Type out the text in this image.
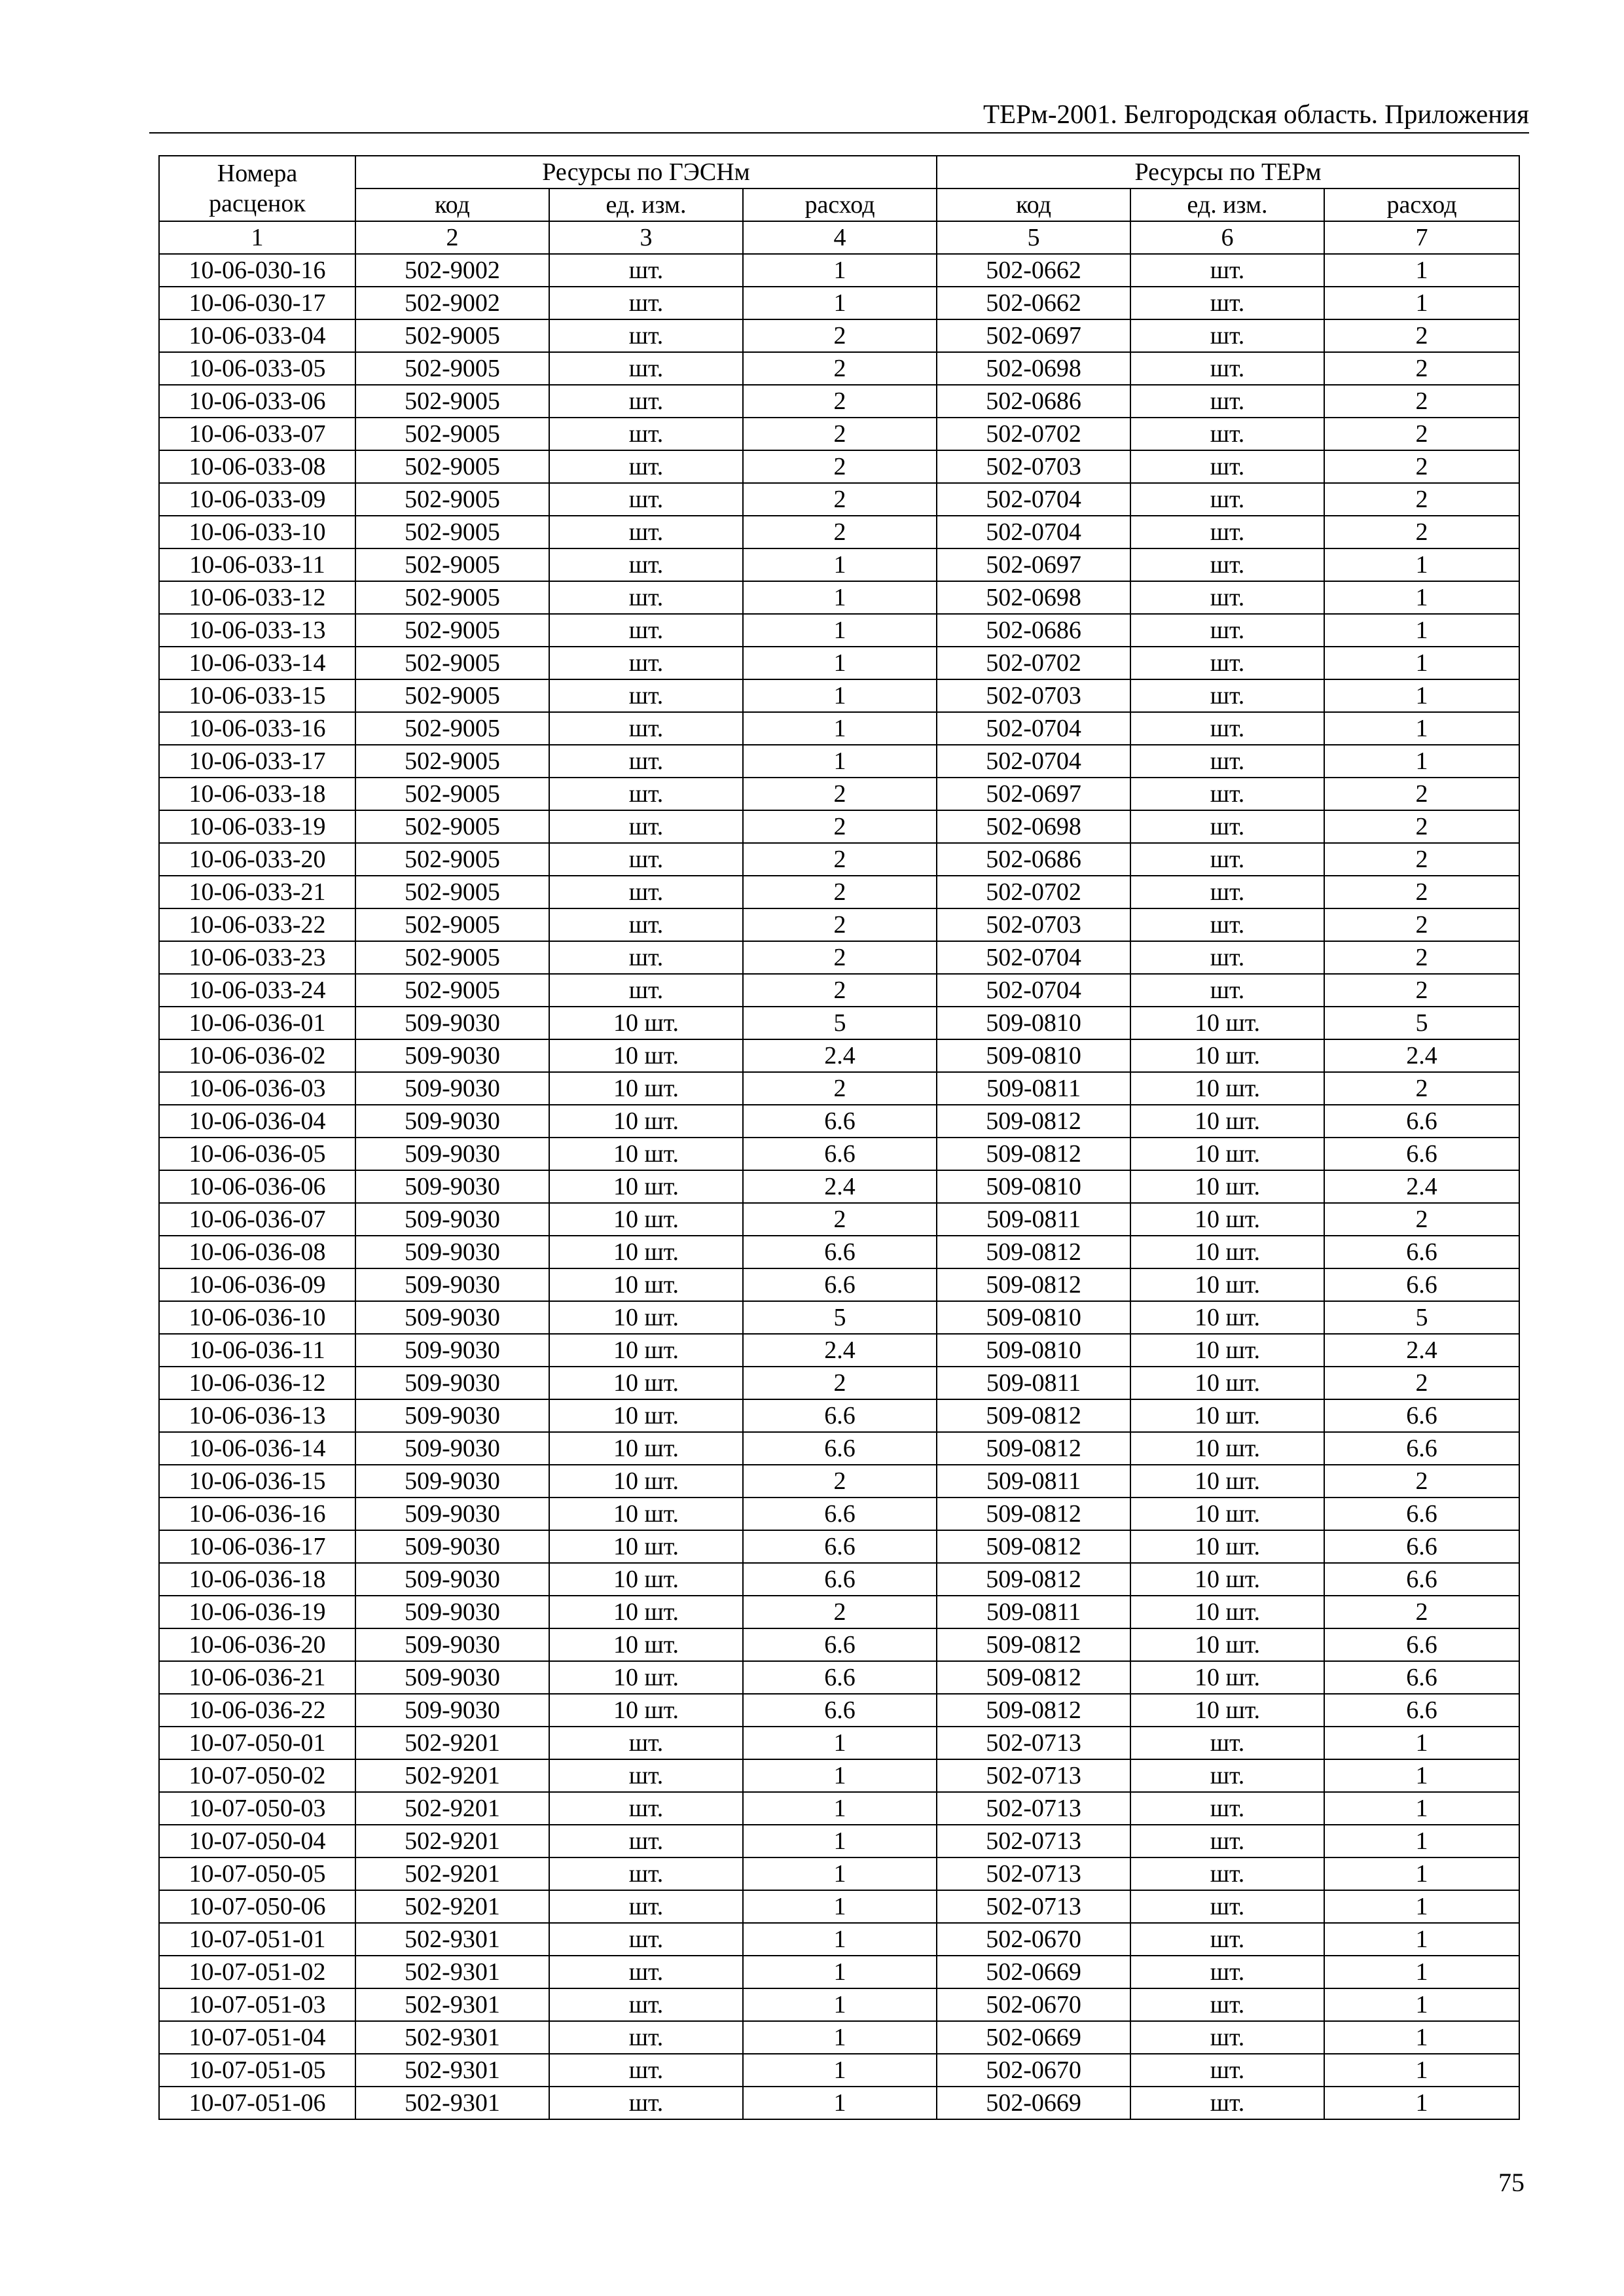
ТЕРм-2001. Белгородская область. Приложения
Номера расценок	Ресурсы по ГЭСНм			Ресурсы по ТЕРм		
	код	ед. изм.	расход	код	ед. изм.	расход
1	2	3	4	5	6	7
10-06-030-16	502-9002	шт.	1	502-0662	шт.	1
10-06-030-17	502-9002	шт.	1	502-0662	шт.	1
10-06-033-04	502-9005	шт.	2	502-0697	шт.	2
10-06-033-05	502-9005	шт.	2	502-0698	шт.	2
10-06-033-06	502-9005	шт.	2	502-0686	шт.	2
10-06-033-07	502-9005	шт.	2	502-0702	шт.	2
10-06-033-08	502-9005	шт.	2	502-0703	шт.	2
10-06-033-09	502-9005	шт.	2	502-0704	шт.	2
10-06-033-10	502-9005	шт.	2	502-0704	шт.	2
10-06-033-11	502-9005	шт.	1	502-0697	шт.	1
10-06-033-12	502-9005	шт.	1	502-0698	шт.	1
10-06-033-13	502-9005	шт.	1	502-0686	шт.	1
10-06-033-14	502-9005	шт.	1	502-0702	шт.	1
10-06-033-15	502-9005	шт.	1	502-0703	шт.	1
10-06-033-16	502-9005	шт.	1	502-0704	шт.	1
10-06-033-17	502-9005	шт.	1	502-0704	шт.	1
10-06-033-18	502-9005	шт.	2	502-0697	шт.	2
10-06-033-19	502-9005	шт.	2	502-0698	шт.	2
10-06-033-20	502-9005	шт.	2	502-0686	шт.	2
10-06-033-21	502-9005	шт.	2	502-0702	шт.	2
10-06-033-22	502-9005	шт.	2	502-0703	шт.	2
10-06-033-23	502-9005	шт.	2	502-0704	шт.	2
10-06-033-24	502-9005	шт.	2	502-0704	шт.	2
10-06-036-01	509-9030	10 шт.	5	509-0810	10 шт.	5
10-06-036-02	509-9030	10 шт.	2.4	509-0810	10 шт.	2.4
10-06-036-03	509-9030	10 шт.	2	509-0811	10 шт.	2
10-06-036-04	509-9030	10 шт.	6.6	509-0812	10 шт.	6.6
10-06-036-05	509-9030	10 шт.	6.6	509-0812	10 шт.	6.6
10-06-036-06	509-9030	10 шт.	2.4	509-0810	10 шт.	2.4
10-06-036-07	509-9030	10 шт.	2	509-0811	10 шт.	2
10-06-036-08	509-9030	10 шт.	6.6	509-0812	10 шт.	6.6
10-06-036-09	509-9030	10 шт.	6.6	509-0812	10 шт.	6.6
10-06-036-10	509-9030	10 шт.	5	509-0810	10 шт.	5
10-06-036-11	509-9030	10 шт.	2.4	509-0810	10 шт.	2.4
10-06-036-12	509-9030	10 шт.	2	509-0811	10 шт.	2
10-06-036-13	509-9030	10 шт.	6.6	509-0812	10 шт.	6.6
10-06-036-14	509-9030	10 шт.	6.6	509-0812	10 шт.	6.6
10-06-036-15	509-9030	10 шт.	2	509-0811	10 шт.	2
10-06-036-16	509-9030	10 шт.	6.6	509-0812	10 шт.	6.6
10-06-036-17	509-9030	10 шт.	6.6	509-0812	10 шт.	6.6
10-06-036-18	509-9030	10 шт.	6.6	509-0812	10 шт.	6.6
10-06-036-19	509-9030	10 шт.	2	509-0811	10 шт.	2
10-06-036-20	509-9030	10 шт.	6.6	509-0812	10 шт.	6.6
10-06-036-21	509-9030	10 шт.	6.6	509-0812	10 шт.	6.6
10-06-036-22	509-9030	10 шт.	6.6	509-0812	10 шт.	6.6
10-07-050-01	502-9201	шт.	1	502-0713	шт.	1
10-07-050-02	502-9201	шт.	1	502-0713	шт.	1
10-07-050-03	502-9201	шт.	1	502-0713	шт.	1
10-07-050-04	502-9201	шт.	1	502-0713	шт.	1
10-07-050-05	502-9201	шт.	1	502-0713	шт.	1
10-07-050-06	502-9201	шт.	1	502-0713	шт.	1
10-07-051-01	502-9301	шт.	1	502-0670	шт.	1
10-07-051-02	502-9301	шт.	1	502-0669	шт.	1
10-07-051-03	502-9301	шт.	1	502-0670	шт.	1
10-07-051-04	502-9301	шт.	1	502-0669	шт.	1
10-07-051-05	502-9301	шт.	1	502-0670	шт.	1
10-07-051-06	502-9301	шт.	1	502-0669	шт.	1
75
